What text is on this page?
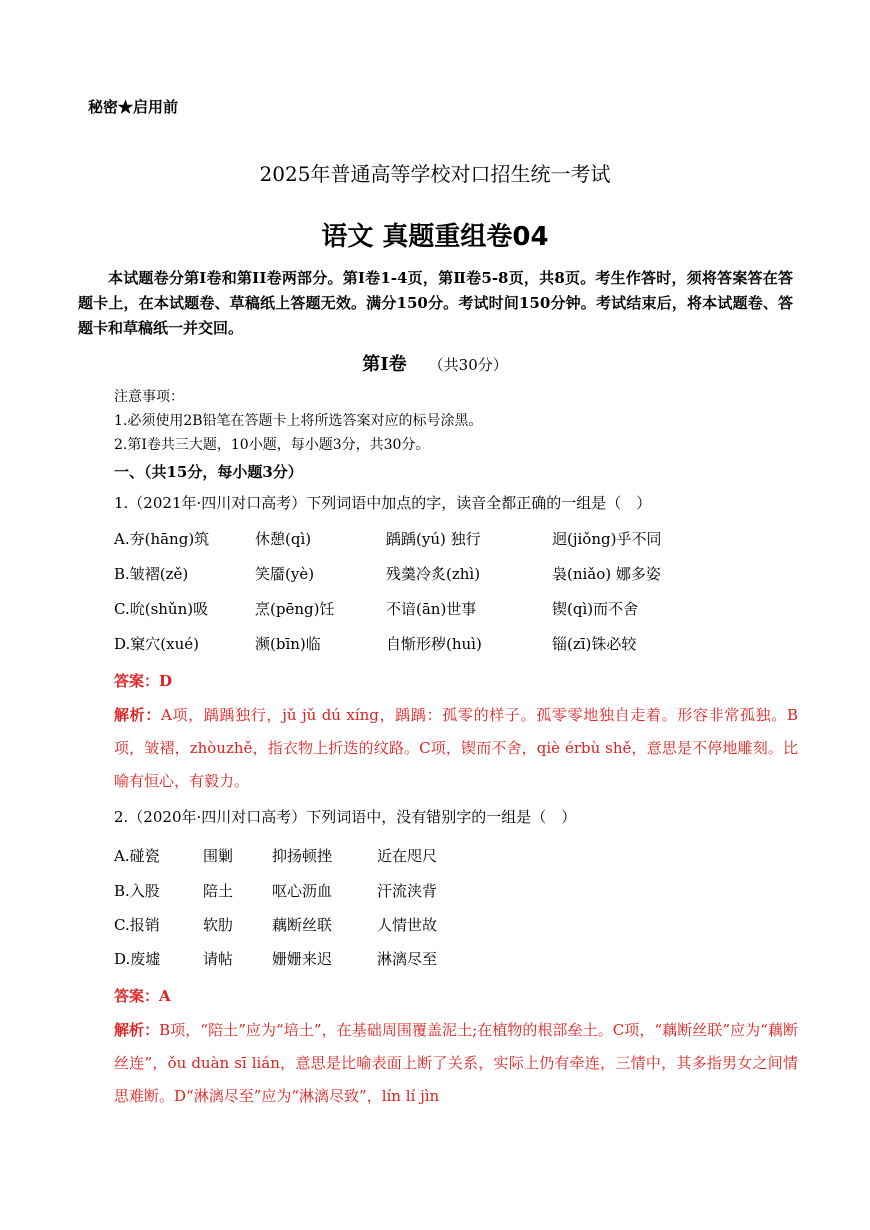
秘密★启用前
2025年普通高等学校对口招生统一考试
语文 真题重组卷04
本试题卷分第Ⅰ卷和第ⅠⅠ卷两部分。第Ⅰ卷1-4页，第Ⅱ卷5-8页，共8页。考生作答时，须将答案答在答题卡上，在本试题卷、草稿纸上答题无效。满分150分。考试时间150分钟。考试结束后，将本试题卷、答题卡和草稿纸一并交回。
第Ⅰ卷 （共30分）
注意事项：
1.必须使用2B铅笔在答题卡上将所选答案对应的标号涂黑。
2.第Ⅰ卷共三大题，10小题，每小题3分，共30分。
一、（共15分，每小题3分）
1.（2021年·四川对口高考）下列词语中加点的字，读音全都正确的一组是（　）
A.夯(hāng)筑	休憩(qì)	踽踽(yú) 独行	迥(jiǒng)乎不同
B.皱褶(zě)	笑靥(yè)	残羹冷炙(zhì)	袅(niǎo) 娜多姿
C.吮(shǔn)吸	烹(pēng)饪	不谙(ān)世事	锲(qì)而不舍
D.窠穴(xué)	濒(bīn)临	自惭形秽(huì)	锱(zī)铢必较
答案：D
解析：A项，踽踽独行，jǔ jǔ dú xíng，踽踽：孤零的样子。孤零零地独自走着。形容非常孤独。B项，皱褶，zhòuzhě，指衣物上折迭的纹路。C项，锲而不舍，qiè érbù shě，意思是不停地雕刻。比喻有恒心，有毅力。
2.（2020年·四川对口高考）下列词语中，没有错别字的一组是（　）
A.碰瓷	围剿	抑扬顿挫	近在咫尺
B.入股	陪土	呕心沥血	汗流浃背
C.报销	软肋	藕断丝联	人情世故
D.废墟	请帖	姗姗来迟	淋漓尽至
答案：A
解析：B项，“陪土”应为“培土”，在基础周围覆盖泥土;在植物的根部垒土。C项，“藕断丝联”应为“藕断丝连”，ǒu duàn sī lián，意思是比喻表面上断了关系，实际上仍有牵连，三情中，其多指男女之间情思难断。D“淋漓尽至”应为“淋漓尽致”，lín lí jìn
